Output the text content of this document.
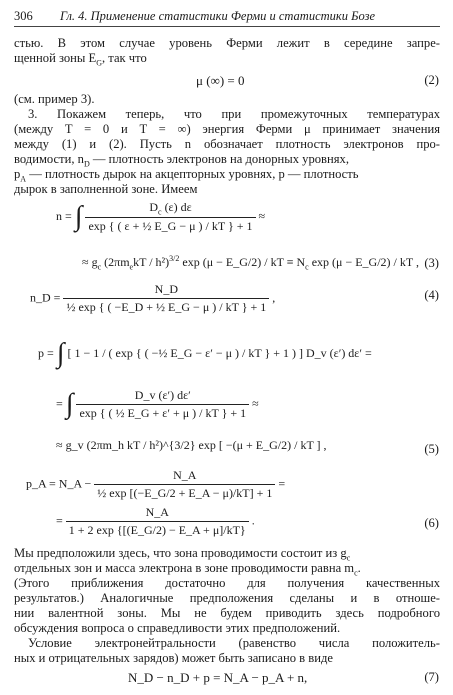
306 Гл. 4. Применение статистики Ферми и статистики Бозе
стью. В этом случае уровень Ферми лежит в середине запре-
щенной зоны $E_G$, так что
μ (∞) = 0	(2)
(см. пример 3).
3. Покажем теперь, что при промежуточных температурах
(между T = 0 и T = ∞) энергия Ферми μ принимает значения
между (1) и (2). Пусть n обозначает плотность электронов про-
водимости, $n_D$ — плотность электронов на донорных уровнях,
$p_A$ — плотность дырок на акцепторных уровнях, p — плотность
дырок в заполненной зоне. Имеем
n = ∫ $\frac{D_c (\varepsilon) d\varepsilon}{\text{exp \{ ( ε + ½ E\_G − μ ) / kT \} + 1}}$ ≈
≈ $g_c$ $(2\pi m_ekT / h^2)^{3/2}$ exp (μ − E_G/2) / kT ≡ $N_c$ exp (μ − E_G/2) / kT , (3)
n_D = $\frac{N\_D}{\text{½ exp \{ ( −E\_D + ½ E\_G − μ ) / kT \} + 1}}$ ,	(4)
p = ∫ [ 1 − 1 / ( exp { ( −½ E_G − ε′ − μ ) / kT } + 1 ) ] D_v (ε′) dε′ =
= ∫ $\frac{D\_v (\varepsilon') d\varepsilon'}{\text{exp \{ ( ½ E\_G + ε′ + μ ) / kT \} + 1}}$ ≈
≈ g_v (2πm_h kT / h²)^{3/2} exp [ −(μ + E_G/2) / kT ] ,	(5)
p_A = N_A − $\frac{N\_A}{\text{½ exp [(−E\_G/2 + E\_A − μ)/kT] + 1}}$ =
= $\frac{N\_A}{1 + 2 \exp \{[(E\_G/2) - E\_A + \mu]/kT\}}$ .	(6)
Мы предположили здесь, что зона проводимости состоит из $g_c$
отдельных зон и масса электрона в зоне проводимости равна $m_c$.
(Этого приближения достаточно для получения качественных
результатов.) Аналогичные предположения сделаны и в отноше-
нии валентной зоны. Мы не будем приводить здесь подробного
обсуждения вопроса о справедливости этих предположений.
Условие электронейтральности (равенство числа положитель-
ных и отрицательных зарядов) может быть записано в виде
N_D − n_D + p = N_A − p_A + n,	(7)
